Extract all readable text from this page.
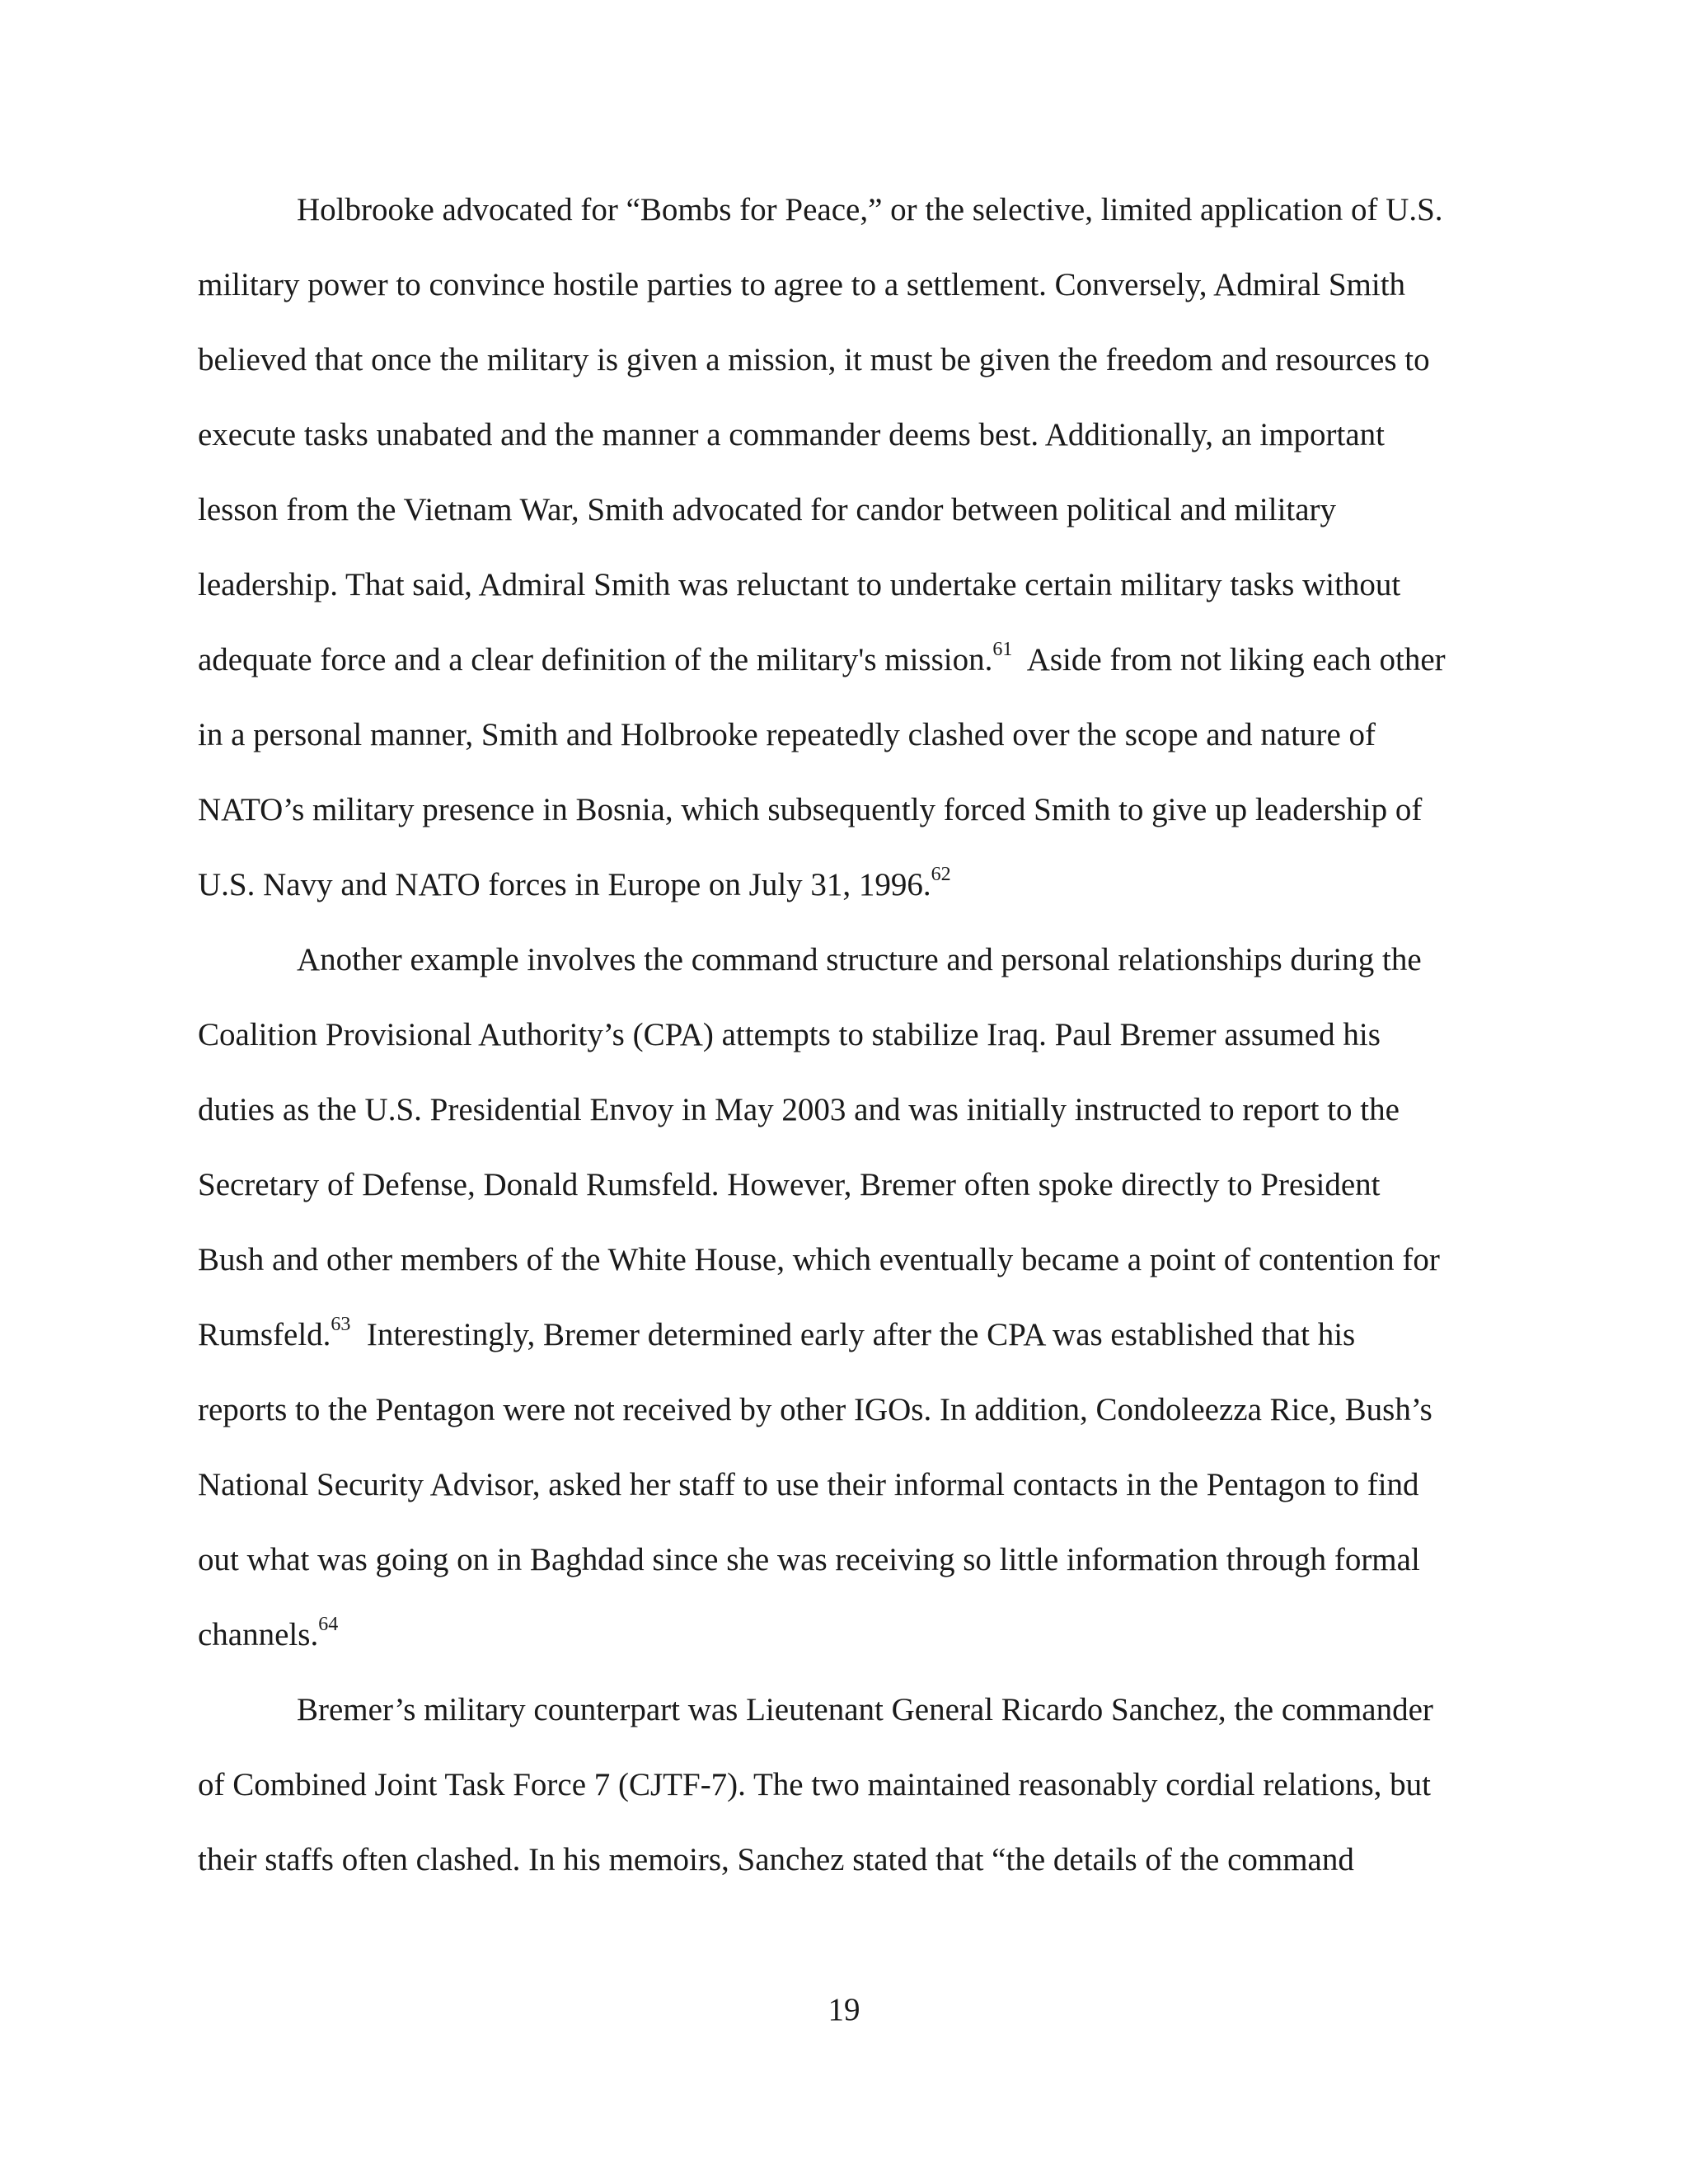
Holbrooke advocated for “Bombs for Peace,” or the selective, limited application of U.S.
military power to convince hostile parties to agree to a settlement. Conversely, Admiral Smith
believed that once the military is given a mission, it must be given the freedom and resources to
execute tasks unabated and the manner a commander deems best. Additionally, an important
lesson from the Vietnam War, Smith advocated for candor between political and military
leadership. That said, Admiral Smith was reluctant to undertake certain military tasks without
adequate force and a clear definition of the military's mission.$^{61}$  Aside from not liking each other
in a personal manner, Smith and Holbrooke repeatedly clashed over the scope and nature of
NATO’s military presence in Bosnia, which subsequently forced Smith to give up leadership of
U.S. Navy and NATO forces in Europe on July 31, 1996.62
Another example involves the command structure and personal relationships during the
Coalition Provisional Authority’s (CPA) attempts to stabilize Iraq. Paul Bremer assumed his
duties as the U.S. Presidential Envoy in May 2003 and was initially instructed to report to the
Secretary of Defense, Donald Rumsfeld. However, Bremer often spoke directly to President
Bush and other members of the White House, which eventually became a point of contention for
Rumsfeld.$^{63}$  Interestingly, Bremer determined early after the CPA was established that his
reports to the Pentagon were not received by other IGOs. In addition, Condoleezza Rice, Bush’s
National Security Advisor, asked her staff to use their informal contacts in the Pentagon to find
out what was going on in Baghdad since she was receiving so little information through formal
channels.$^{64}$
Bremer’s military counterpart was Lieutenant General Ricardo Sanchez, the commander
of Combined Joint Task Force 7 (CJTF-7). The two maintained reasonably cordial relations, but
their staffs often clashed. In his memoirs, Sanchez stated that “the details of the command
19
